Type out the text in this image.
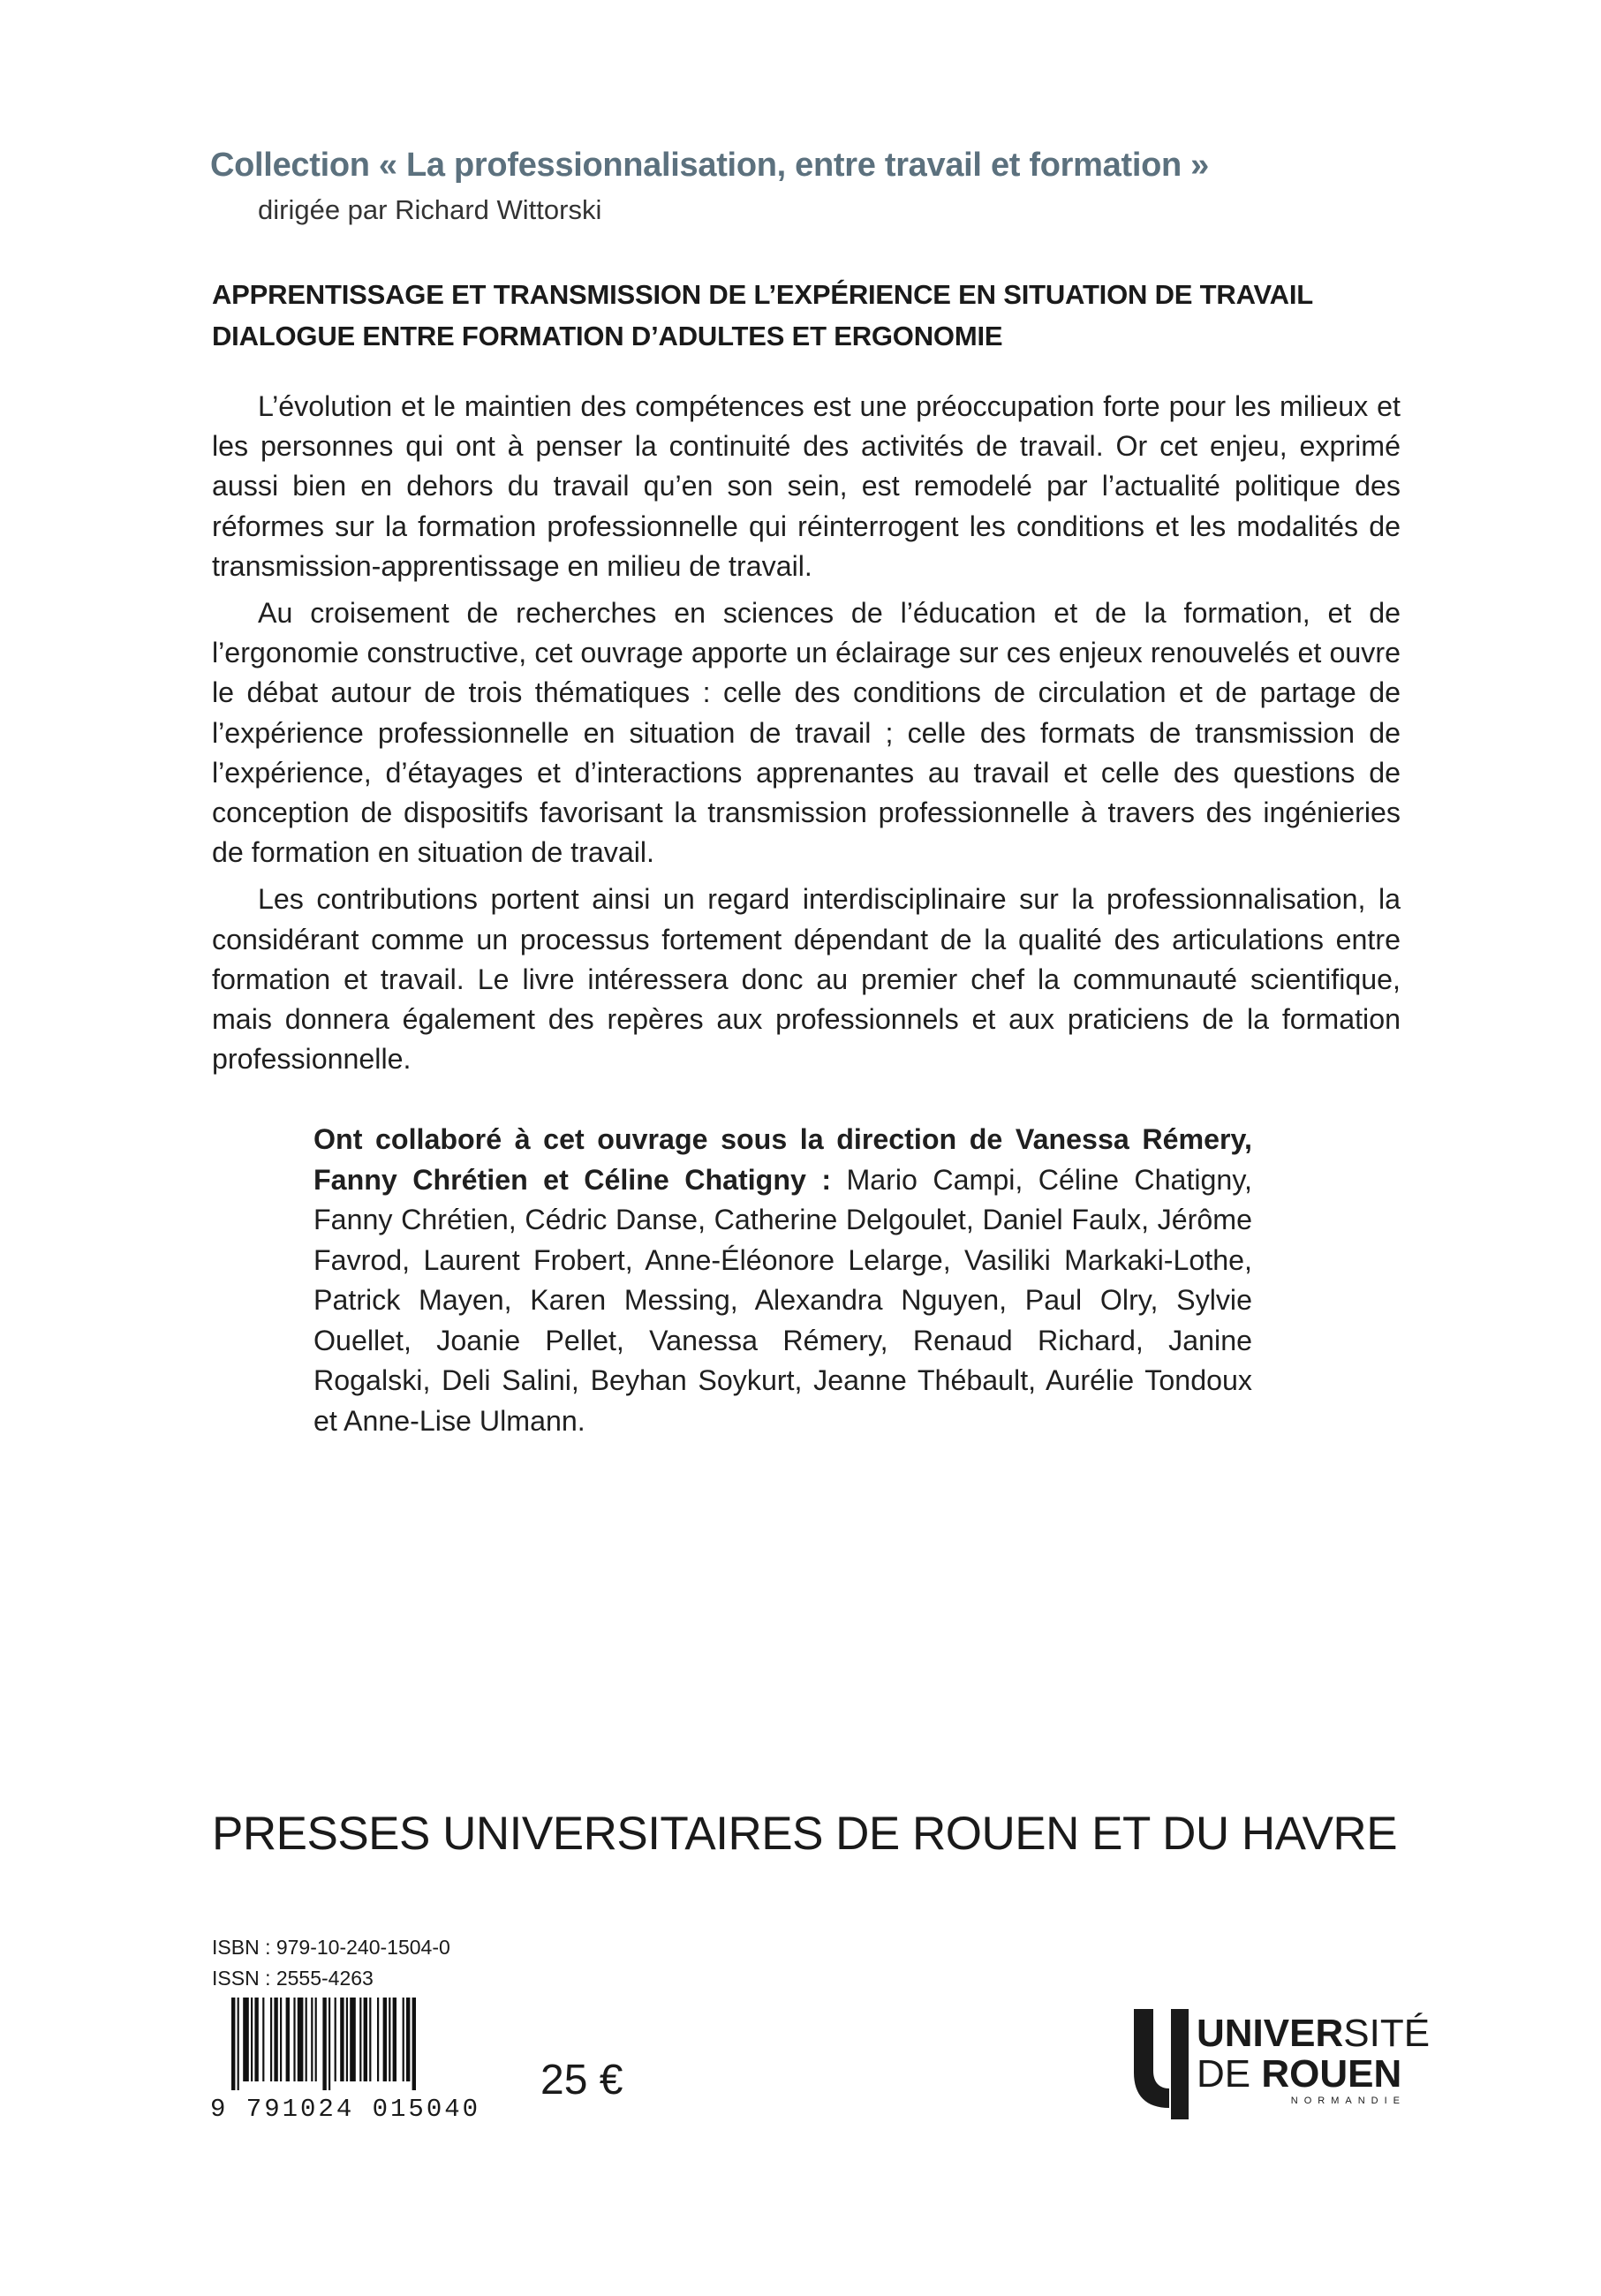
Collection « La professionnalisation, entre travail et formation »
dirigée par Richard Wittorski
APPRENTISSAGE ET TRANSMISSION DE L’EXPÉRIENCE EN SITUATION DE TRAVAIL
DIALOGUE ENTRE FORMATION D’ADULTES ET ERGONOMIE

L’évolution et le maintien des compétences est une préoccupation forte pour les milieux et les personnes qui ont à penser la continuité des activités de travail. Or cet enjeu, exprimé aussi bien en dehors du travail qu’en son sein, est remodelé par l’actualité politique des réformes sur la formation professionnelle qui réinterrogent les conditions et les modalités de transmission-apprentissage en milieu de travail.

Au croisement de recherches en sciences de l’éducation et de la formation, et de l’ergonomie constructive, cet ouvrage apporte un éclairage sur ces enjeux renouvelés et ouvre le débat autour de trois thématiques : celle des conditions de circulation et de partage de l’expérience professionnelle en situation de travail ; celle des formats de transmission de l’expérience, d’étayages et d’interactions apprenantes au travail et celle des questions de conception de dispositifs favorisant la transmission professionnelle à travers des ingénieries de formation en situation de travail.

Les contributions portent ainsi un regard interdisciplinaire sur la professionnalisation, la considérant comme un processus fortement dépendant de la qualité des articulations entre formation et travail. Le livre intéressera donc au premier chef la communauté scientifique, mais donnera également des repères aux professionnels et aux praticiens de la formation professionnelle.

Ont collaboré à cet ouvrage sous la direction de Vanessa Rémery, Fanny Chrétien et Céline Chatigny : Mario Campi, Céline Chatigny, Fanny Chrétien, Cédric Danse, Catherine Delgoulet, Daniel Faulx, Jérôme Favrod, Laurent Frobert, Anne-Éléonore Lelarge, Vasiliki Markaki-Lothe, Patrick Mayen, Karen Messing, Alexandra Nguyen, Paul Olry, Sylvie Ouellet, Joanie Pellet, Vanessa Rémery, Renaud Richard, Janine Rogalski, Deli Salini, Beyhan Soykurt, Jeanne Thébault, Aurélie Tondoux et Anne-Lise Ulmann.
PRESSES UNIVERSITAIRES DE ROUEN ET DU HAVRE
ISBN : 979-10-240-1504-0
ISSN : 2555-4263
9 791024 015040
25 €
UNIVERSITÉ
DE ROUEN
NORMANDIE
